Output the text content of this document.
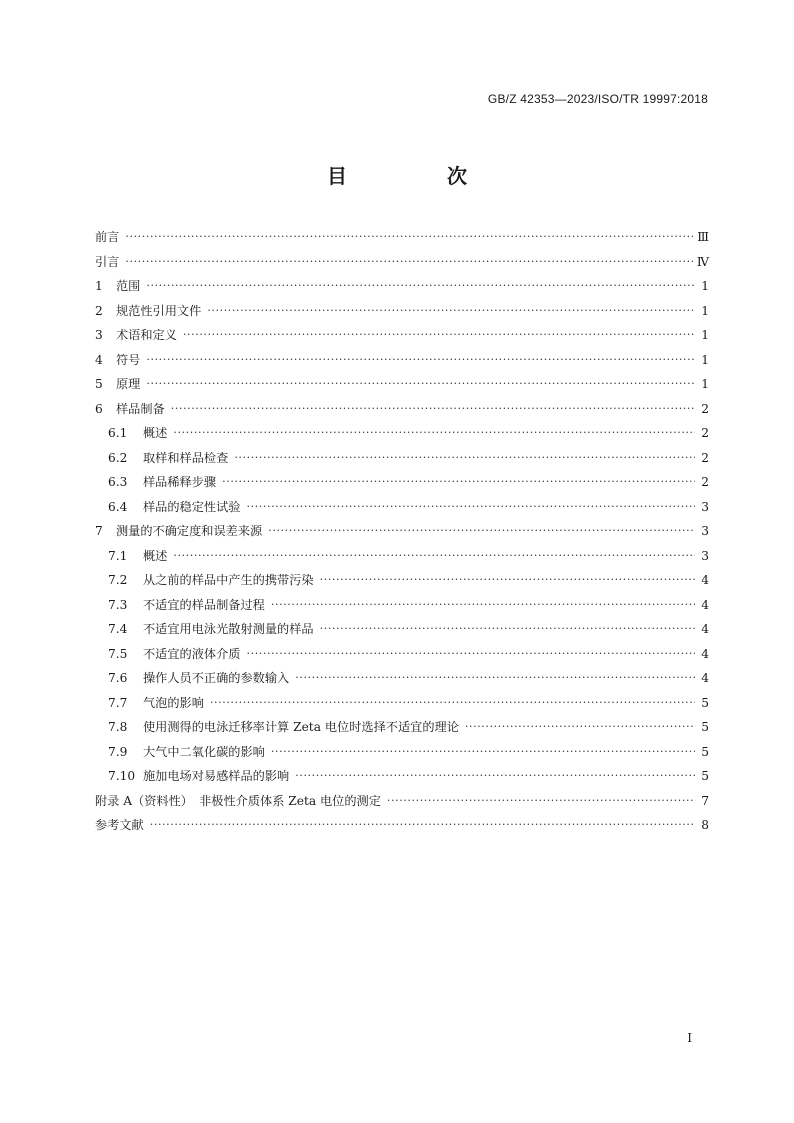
GB/Z 42353—2023/ISO/TR 19997:2018
目　次
前言 ·····	Ⅲ
引言 ·····	Ⅳ
1	范围 ·····	1
2	规范性引用文件 ·····	1
3	术语和定义 ·····	1
4	符号 ·····	1
5	原理 ·····	1
6	样品制备 ·····	2
6.1	概述 ·····	2
6.2	取样和样品检查 ·····	2
6.3	样品稀释步骤 ·····	2
6.4	样品的稳定性试验 ·····	3
7	测量的不确定度和误差来源 ·····	3
7.1	概述 ·····	3
7.2	从之前的样品中产生的携带污染 ·····	4
7.3	不适宜的样品制备过程 ·····	4
7.4	不适宜用电泳光散射测量的样品 ·····	4
7.5	不适宜的液体介质 ·····	4
7.6	操作人员不正确的参数输入 ·····	4
7.7	气泡的影响 ·····	5
7.8	使用测得的电泳迁移率计算 Zeta 电位时选择不适宜的理论 ·····	5
7.9	大气中二氧化碳的影响 ·····	5
7.10 施加电场对易感样品的影响 ·····	5
附录 A（资料性）　非极性介质体系 Zeta 电位的测定 ·····	7
参考文献 ·····	8
I
